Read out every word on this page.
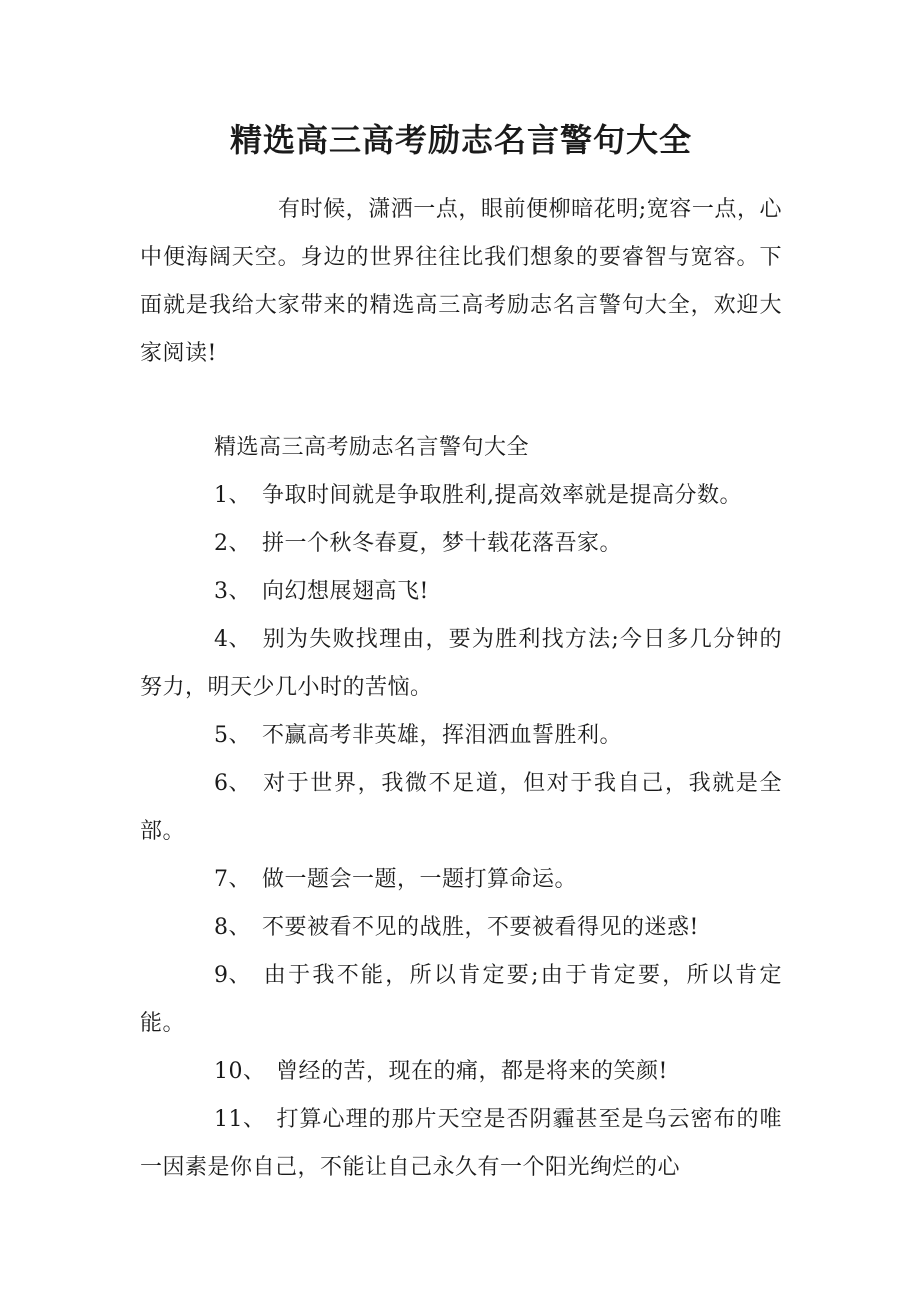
精选高三高考励志名言警句大全

有时候，潇洒一点，眼前便柳暗花明;宽容一点，心中便海阔天空。身边的世界往往比我们想象的要睿智与宽容。下面就是我给大家带来的精选高三高考励志名言警句大全，欢迎大家阅读!

精选高三高考励志名言警句大全

1、 争取时间就是争取胜利,提高效率就是提高分数。
2、 拼一个秋冬春夏，梦十载花落吾家。
3、 向幻想展翅高飞!
4、 别为失败找理由，要为胜利找方法;今日多几分钟的努力，明天少几小时的苦恼。
5、 不赢高考非英雄，挥泪洒血誓胜利。
6、 对于世界，我微不足道，但对于我自己，我就是全部。
7、 做一题会一题，一题打算命运。
8、 不要被看不见的战胜，不要被看得见的迷惑!
9、 由于我不能，所以肯定要;由于肯定要，所以肯定能。
10、 曾经的苦，现在的痛，都是将来的笑颜!
11、 打算心理的那片天空是否阴霾甚至是乌云密布的唯一因素是你自己，不能让自己永久有一个阳光绚烂的心
